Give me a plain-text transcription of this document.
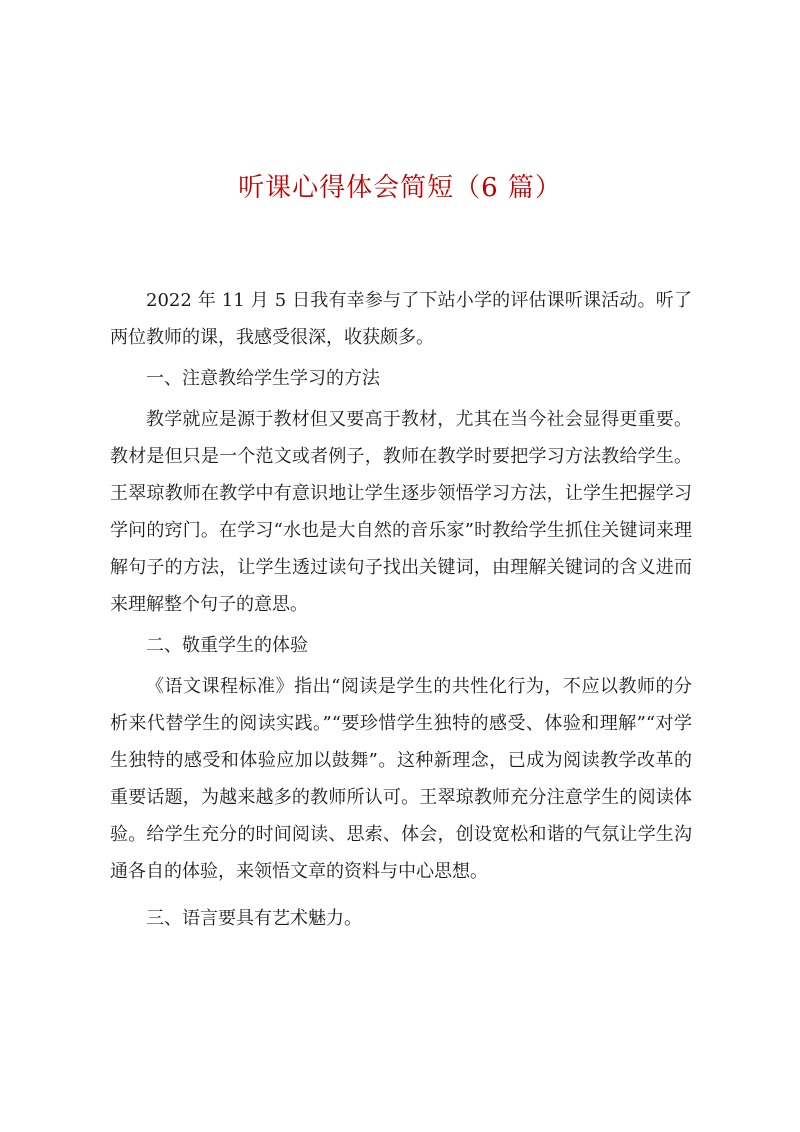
听课心得体会简短（6 篇）

2022 年 11 月 5 日我有幸参与了下站小学的评估课听课活动。听了两位教师的课，我感受很深，收获颇多。

一、注意教给学生学习的方法

教学就应是源于教材但又要高于教材，尤其在当今社会显得更重要。教材是但只是一个范文或者例子，教师在教学时要把学习方法教给学生。王翠琼教师在教学中有意识地让学生逐步领悟学习方法，让学生把握学习学问的窍门。在学习“水也是大自然的音乐家”时教给学生抓住关键词来理解句子的方法，让学生透过读句子找出关键词，由理解关键词的含义进而来理解整个句子的意思。

二、敬重学生的体验

《语文课程标准》指出“阅读是学生的共性化行为，不应以教师的分析来代替学生的阅读实践。”“要珍惜学生独特的感受、体验和理解”“对学生独特的感受和体验应加以鼓舞”。这种新理念，已成为阅读教学改革的重要话题，为越来越多的教师所认可。王翠琼教师充分注意学生的阅读体验。给学生充分的时间阅读、思索、体会，创设宽松和谐的气氛让学生沟通各自的体验，来领悟文章的资料与中心思想。

三、语言要具有艺术魅力。
